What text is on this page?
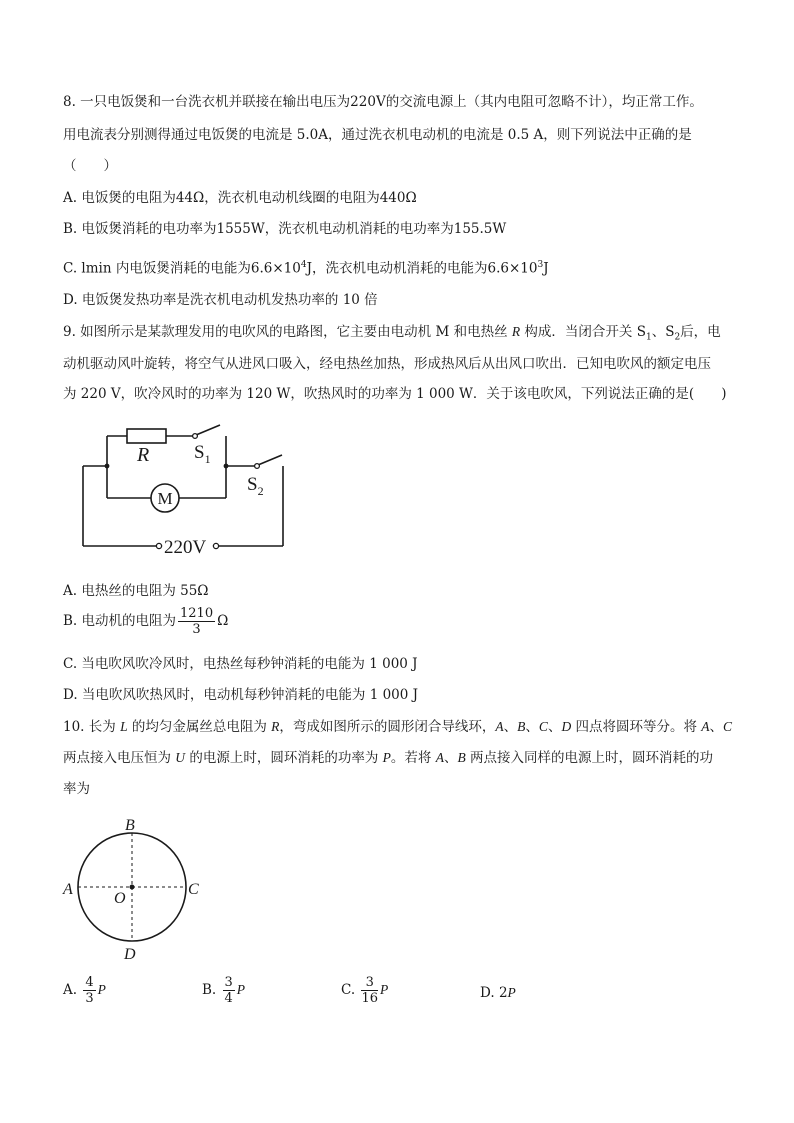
8. 一只电饭煲和一台洗衣机并联接在输出电压为220V的交流电源上（其内电阻可忽略不计），均正常工作。
用电流表分别测得通过电饭煲的电流是 5.0A，通过洗衣机电动机的电流是 0.5 A，则下列说法中正确的是
（　　）
A. 电饭煲的电阻为44Ω，洗衣机电动机线圈的电阻为440Ω
B. 电饭煲消耗的电功率为1555W，洗衣机电动机消耗的电功率为155.5W
C. lmin 内电饭煲消耗的电能为$6.6\times 10^4J$，洗衣机电动机消耗的电能为$6.6\times 10^3J$
D. 电饭煲发热功率是洗衣机电动机发热功率的 10 倍
9. 如图所示是某款理发用的电吹风的电路图，它主要由电动机 M 和电热丝 R 构成．当闭合开关 $S_1$、$S_2$后，电
动机驱动风叶旋转，将空气从进风口吸入，经电热丝加热，形成热风后从出风口吹出．已知电吹风的额定电压
为 220 V，吹冷风时的功率为 120 W，吹热风时的功率为 1 000 W．关于该电吹风，下列说法正确的是(　　)
R $S_1$
$S_2$
M
220V
A. 电热丝的电阻为 55Ω
B. 电动机的电阻为 $\frac{1210}{3}$ Ω
C. 当电吹风吹冷风时，电热丝每秒钟消耗的电能为 1 000 J
D. 当电吹风吹热风时，电动机每秒钟消耗的电能为 1 000 J
10. 长为 L 的均匀金属丝总电阻为 R，弯成如图所示的圆形闭合导线环，A、B、C、D 四点将圆环等分。将 A、C
两点接入电压恒为 U 的电源上时，圆环消耗的功率为 P。若将 A、B 两点接入同样的电源上时，圆环消耗的功
率为
B
A	C
D
O
A. $\frac{4}{3}$ P	B. $\frac{3}{4}$ P	C. $\frac{3}{16}$ P	D. 2P
